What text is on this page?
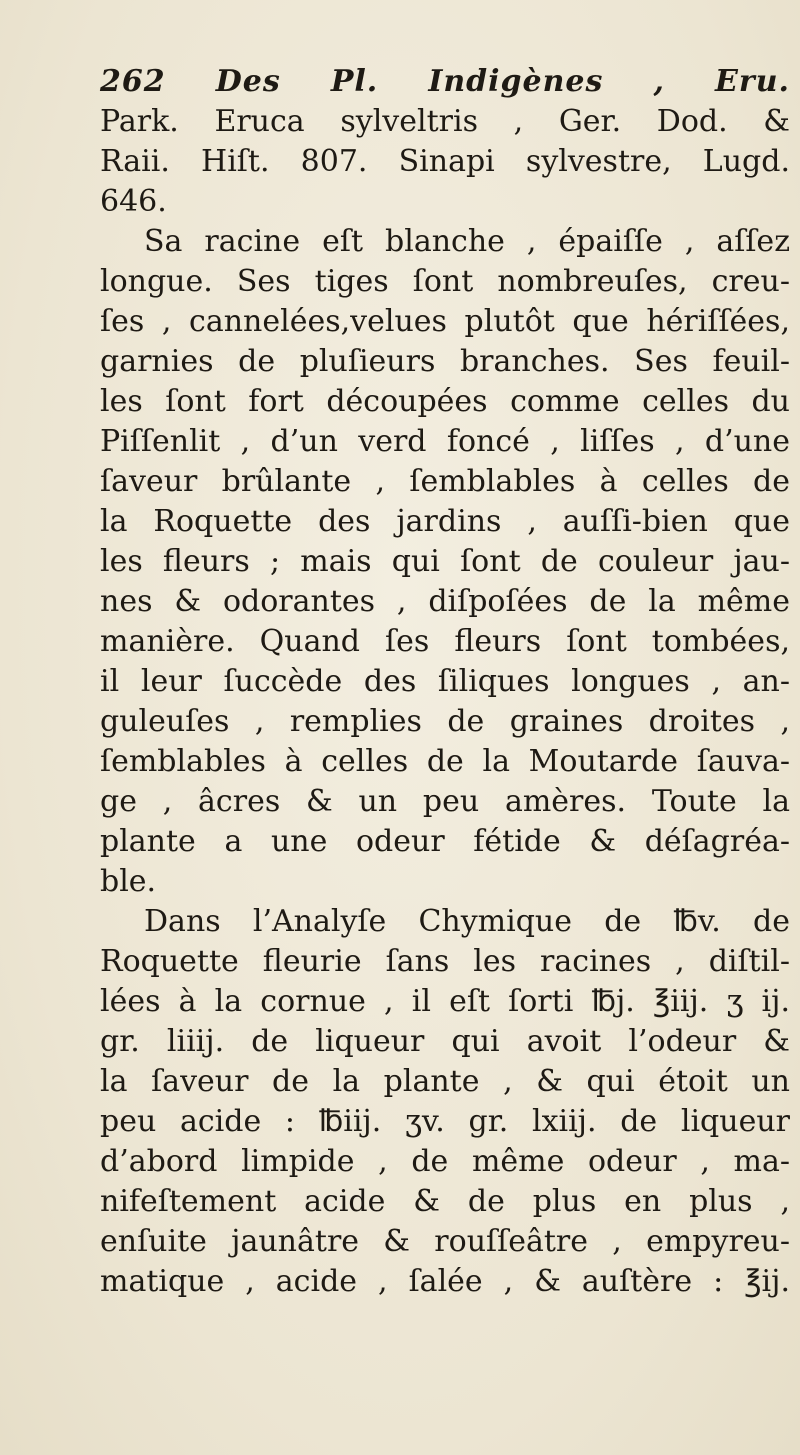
262 Des Pl. Indigènes , Eru.
Park. Eruca sylveltris , Ger. Dod. &
Raii. Hiſt. 807. Sinapi sylvestre, Lugd.
646.
Sa racine eſt blanche , épaiſſe , aſſez
longue. Ses tiges ſont nombreuſes, creu-
ſes , cannelées,velues plutôt que hériſſées,
garnies de pluſieurs branches. Ses feuil-
les ſont fort découpées comme celles du
Piſſenlit , d’un verd foncé , liſſes , d’une
ſaveur brûlante , ſemblables à celles de
la Roquette des jardins , auſſi-bien que
les fleurs ; mais qui ſont de couleur jau-
nes & odorantes , diſpoſées de la même
manière. Quand ſes fleurs ſont tombées,
il leur ſuccède des ſiliques longues , an-
guleuſes , remplies de graines droites ,
ſemblables à celles de la Moutarde ſauva-
ge , âcres & un peu amères. Toute la
plante a une odeur fétide & déſagréa-
ble.
Dans l’Analyſe Chymique de ℔v. de
Roquette fleurie ſans les racines , diſtil-
lées à la cornue , il eſt ſorti ℔j. ℥iij. ʒ ij.
gr. liiij. de liqueur qui avoit l’odeur &
la ſaveur de la plante , & qui étoit un
peu acide : ℔iij. ʒv. gr. lxiij. de liqueur
d’abord limpide , de même odeur , ma-
nifeſtement acide & de plus en plus ,
enſuite jaunâtre & rouſſeâtre , empyreu-
matique , acide , ſalée , & auſtère : ℥ij.
